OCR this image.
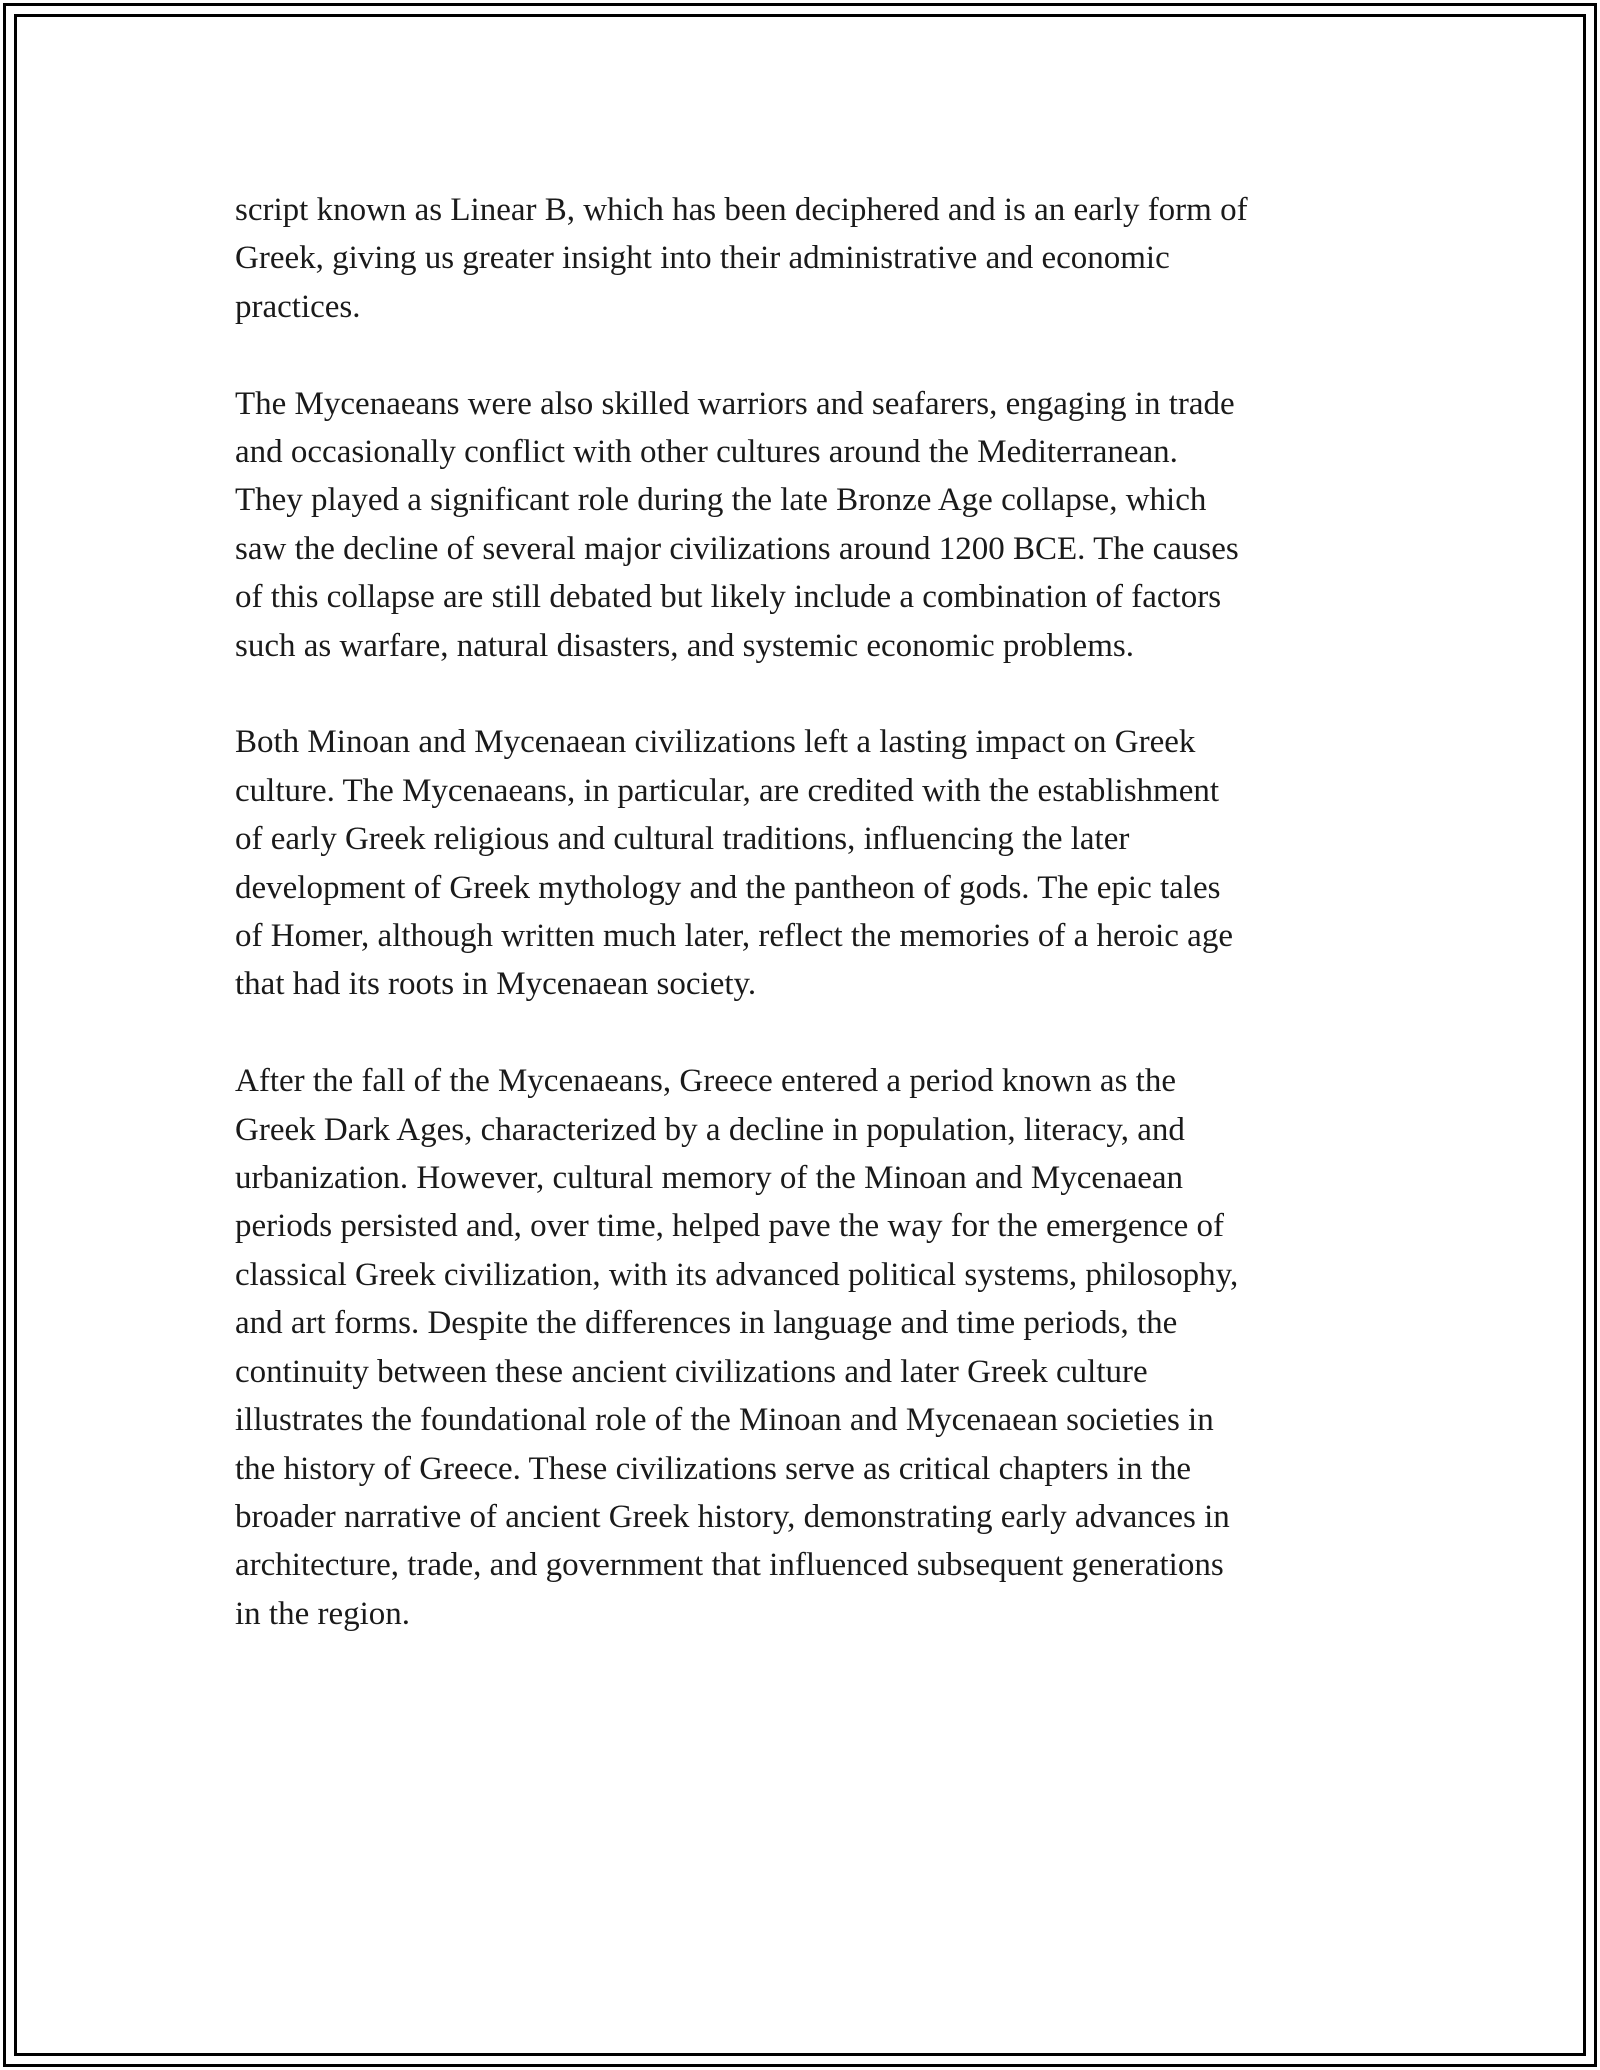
script known as Linear B, which has been deciphered and is an early form of
Greek, giving us greater insight into their administrative and economic
practices.

The Mycenaeans were also skilled warriors and seafarers, engaging in trade
and occasionally conflict with other cultures around the Mediterranean.
They played a significant role during the late Bronze Age collapse, which
saw the decline of several major civilizations around 1200 BCE. The causes
of this collapse are still debated but likely include a combination of factors
such as warfare, natural disasters, and systemic economic problems.

Both Minoan and Mycenaean civilizations left a lasting impact on Greek
culture. The Mycenaeans, in particular, are credited with the establishment
of early Greek religious and cultural traditions, influencing the later
development of Greek mythology and the pantheon of gods. The epic tales
of Homer, although written much later, reflect the memories of a heroic age
that had its roots in Mycenaean society.

After the fall of the Mycenaeans, Greece entered a period known as the
Greek Dark Ages, characterized by a decline in population, literacy, and
urbanization. However, cultural memory of the Minoan and Mycenaean
periods persisted and, over time, helped pave the way for the emergence of
classical Greek civilization, with its advanced political systems, philosophy,
and art forms. Despite the differences in language and time periods, the
continuity between these ancient civilizations and later Greek culture
illustrates the foundational role of the Minoan and Mycenaean societies in
the history of Greece. These civilizations serve as critical chapters in the
broader narrative of ancient Greek history, demonstrating early advances in
architecture, trade, and government that influenced subsequent generations
in the region.
